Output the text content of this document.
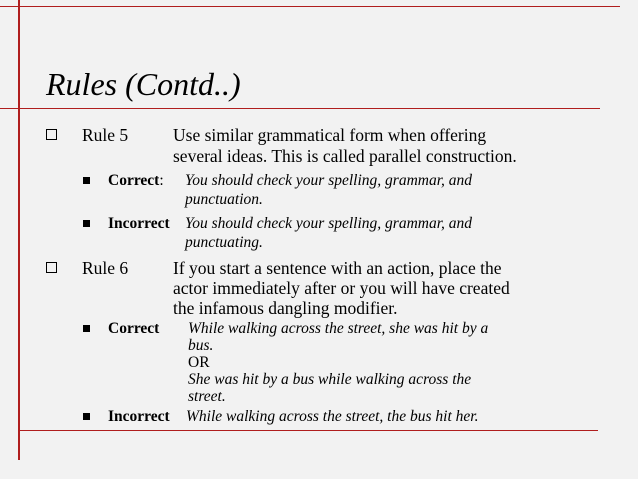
Rules (Contd..)
Rule 5	Use similar grammatical form when offering
several ideas. This is called parallel construction.
Correct: You should check your spelling, grammar, and
punctuation.
Incorrect You should check your spelling, grammar, and
punctuating.
Rule 6	If you start a sentence with an action, place the
actor immediately after or you will have created
the infamous dangling modifier.
Correct While walking across the street, she was hit by a
bus.
OR
She was hit by a bus while walking across the
street.
Incorrect While walking across the street, the bus hit her.
